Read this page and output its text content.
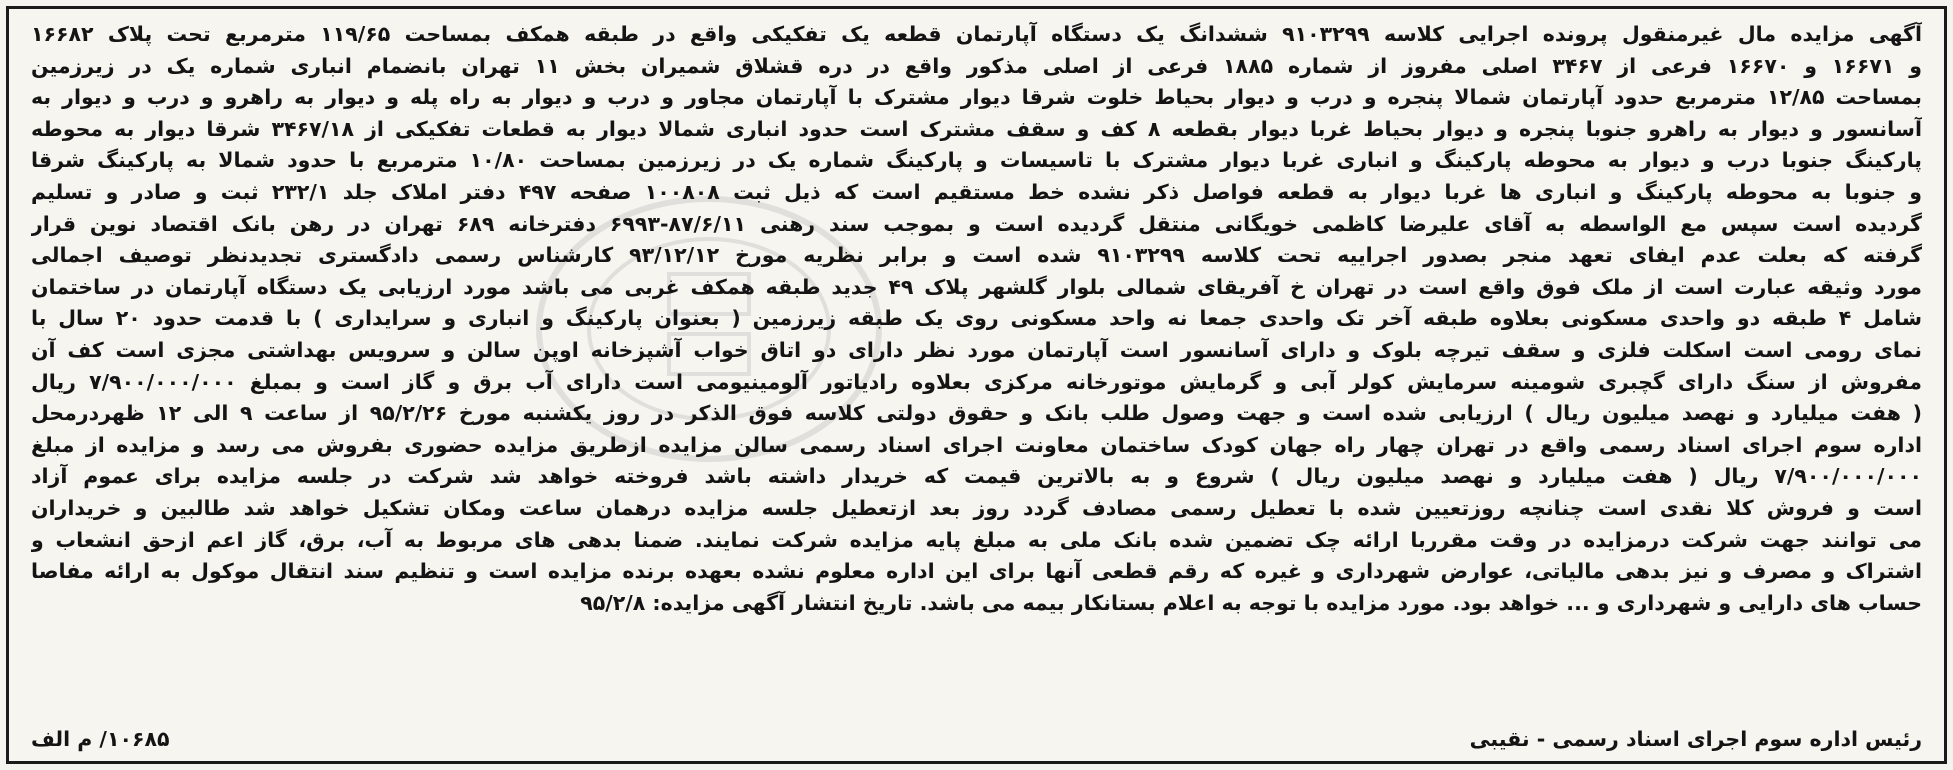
آگهی مزایده مال غیرمنقول پرونده اجرایی کلاسه ۹۱۰۳۲۹۹ ششدانگ یک دستگاه آپارتمان قطعه یک تفکیکی واقع در طبقه همکف بمساحت ۱۱۹/۶۵ مترمربع تحت پلاک ۱۶۶۸۲
و ۱۶۶۷۱ و ۱۶۶۷۰ فرعی از ۳۴۶۷ اصلی مفروز از شماره ۱۸۸۵ فرعی از اصلی مذکور واقع در دره قشلاق شمیران بخش ۱۱ تهران بانضمام انباری شماره یک در زیرزمین
بمساحت ۱۲/۸۵ مترمربع حدود آپارتمان شمالا پنجره و درب و دیوار بحیاط خلوت شرقا دیوار مشترک با آپارتمان مجاور و درب و دیوار به راه پله و دیوار به راهرو و درب و دیوار به
آسانسور و دیوار به راهرو جنوبا پنجره و دیوار بحیاط غربا دیوار بقطعه ۸ کف و سقف مشترک است حدود انباری شمالا دیوار به قطعات تفکیکی از ۳۴۶۷/۱۸ شرقا دیوار به محوطه
پارکینگ جنوبا درب و دیوار به محوطه پارکینگ و انباری غربا دیوار مشترک با تاسیسات و پارکینگ شماره یک در زیرزمین بمساحت ۱۰/۸۰ مترمربع با حدود شمالا به پارکینگ شرقا
و جنوبا به محوطه پارکینگ و انباری ها غربا دیوار به قطعه فواصل ذکر نشده خط مستقیم است که ذیل ثبت ۱۰۰۸۰۸ صفحه ۴۹۷ دفتر املاک جلد ۲۳۲/۱ ثبت و صادر و تسلیم
گردیده است سپس مع الواسطه به آقای علیرضا کاظمی خویگانی منتقل گردیده است و بموجب سند رهنی ۸۷/۶/۱۱-۶۹۹۳ دفترخانه ۶۸۹ تهران در رهن بانک اقتصاد نوین قرار
گرفته که بعلت عدم ایفای تعهد منجر بصدور اجراییه تحت کلاسه ۹۱۰۳۲۹۹ شده است و برابر نظریه مورخ ۹۳/۱۲/۱۲ کارشناس رسمی دادگستری تجدیدنظر توصیف اجمالی
مورد وثیقه عبارت است از ملک فوق واقع است در تهران خ آفریقای شمالی بلوار گلشهر پلاک ۴۹ جدید طبقه همکف غربی می باشد مورد ارزیابی یک دستگاه آپارتمان در ساختمان
شامل ۴ طبقه دو واحدی مسکونی بعلاوه طبقه آخر تک واحدی جمعا نه واحد مسکونی روی یک طبقه زیرزمین ( بعنوان پارکینگ و انباری و سرایداری ) با قدمت حدود ۲۰ سال با
نمای رومی است اسکلت فلزی و سقف تیرچه بلوک و دارای آسانسور است آپارتمان مورد نظر دارای دو اتاق خواب آشپزخانه اوپن سالن و سرویس بهداشتی مجزی است کف آن
مفروش از سنگ دارای گچبری شومینه سرمایش کولر آبی و گرمایش موتورخانه مرکزی بعلاوه رادیاتور آلومینیومی است دارای آب برق و گاز است و بمبلغ ۷/۹۰۰/۰۰۰/۰۰۰ ریال
( هفت میلیارد و نهصد میلیون ریال ) ارزیابی شده است و جهت وصول طلب بانک و حقوق دولتی کلاسه فوق الذکر در روز یکشنبه مورخ ۹۵/۲/۲۶ از ساعت ۹ الی ۱۲ ظهردرمحل
اداره سوم اجرای اسناد رسمی واقع در تهران چهار راه جهان کودک ساختمان معاونت اجرای اسناد رسمی سالن مزایده ازطریق مزایده حضوری بفروش می رسد و مزایده از مبلغ
۷/۹۰۰/۰۰۰/۰۰۰ ریال ( هفت میلیارد و نهصد میلیون ریال ) شروع و به بالاترین قیمت که خریدار داشته باشد فروخته خواهد شد شرکت در جلسه مزایده برای عموم آزاد
است و فروش کلا نقدی است چنانچه روزتعیین شده با تعطیل رسمی مصادف گردد روز بعد ازتعطیل جلسه مزایده درهمان ساعت ومکان تشکیل خواهد شد طالبین و خریداران
می توانند جهت شرکت درمزایده در وقت مقرربا ارائه چک تضمین شده بانک ملی به مبلغ پایه مزایده شرکت نمایند. ضمنا بدهی های مربوط به آب، برق، گاز اعم ازحق انشعاب و
اشتراک و مصرف و نیز بدهی مالیاتی، عوارض شهرداری و غیره که رقم قطعی آنها برای این اداره معلوم نشده بعهده برنده مزایده است و تنظیم سند انتقال موکول به ارائه مفاصا
حساب های دارایی و شهرداری و ... خواهد بود. مورد مزایده با توجه به اعلام بستانکار بیمه می باشد. تاریخ انتشار آگهی مزایده: ۹۵/۲/۸
رئیس اداره سوم اجرای اسناد رسمی - نقیبی
۱۰۶۸۵/ م الف
